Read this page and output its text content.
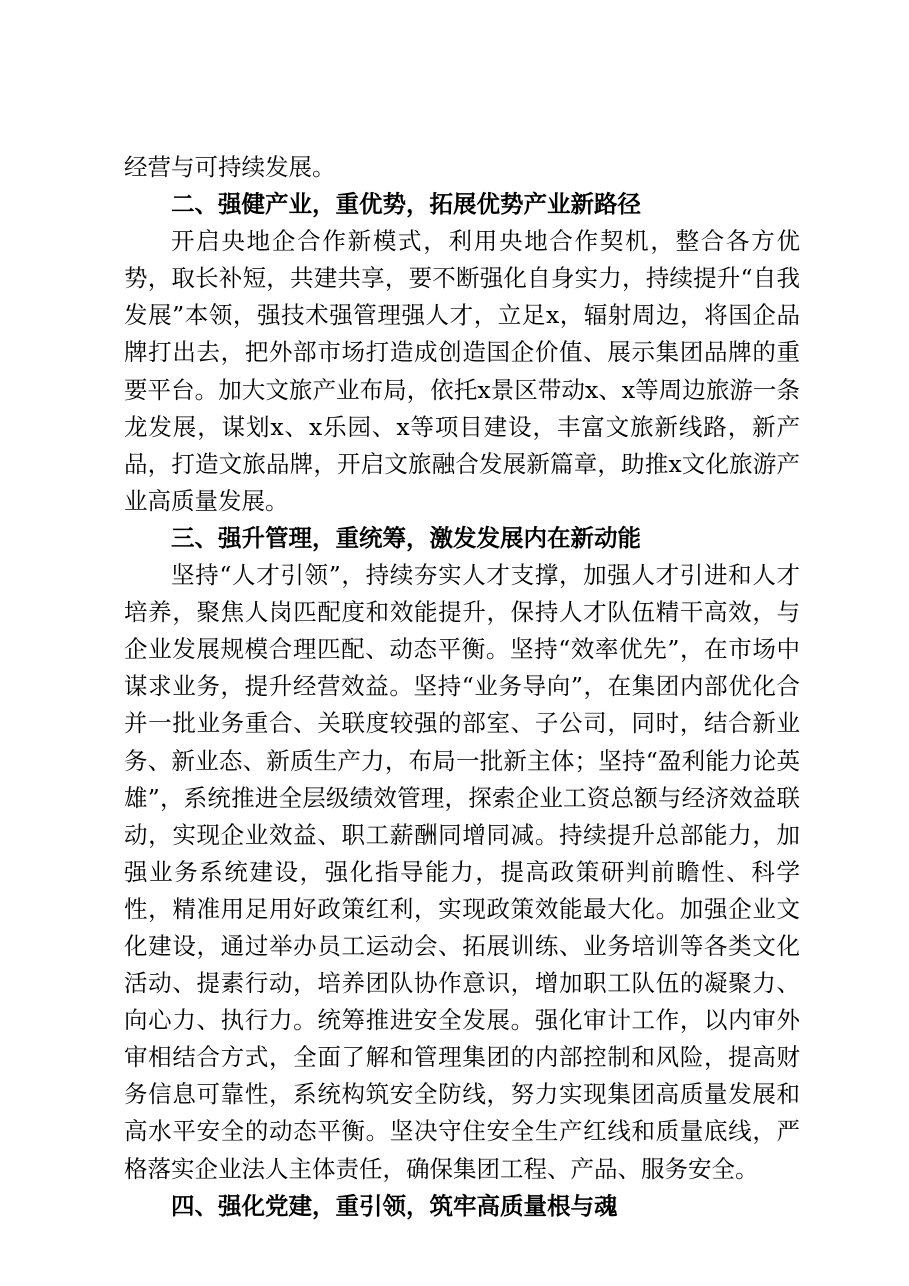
经营与可持续发展。

二、强健产业，重优势，拓展优势产业新路径

开启央地企合作新模式，利用央地合作契机，整合各方优势，取长补短，共建共享，要不断强化自身实力，持续提升“自我发展”本领，强技术强管理强人才，立足x，辐射周边，将国企品牌打出去，把外部市场打造成创造国企价值、展示集团品牌的重要平台。加大文旅产业布局，依托x景区带动x、x等周边旅游一条龙发展，谋划x、x乐园、x等项目建设，丰富文旅新线路，新产品，打造文旅品牌，开启文旅融合发展新篇章，助推x文化旅游产业高质量发展。

三、强升管理，重统筹，激发发展内在新动能

坚持“人才引领”，持续夯实人才支撑，加强人才引进和人才培养，聚焦人岗匹配度和效能提升，保持人才队伍精干高效，与企业发展规模合理匹配、动态平衡。坚持“效率优先”，在市场中谋求业务，提升经营效益。坚持“业务导向”，在集团内部优化合并一批业务重合、关联度较强的部室、子公司，同时，结合新业务、新业态、新质生产力，布局一批新主体；坚持“盈利能力论英雄”，系统推进全层级绩效管理，探索企业工资总额与经济效益联动，实现企业效益、职工薪酬同增同减。持续提升总部能力，加强业务系统建设，强化指导能力，提高政策研判前瞻性、科学性，精准用足用好政策红利，实现政策效能最大化。加强企业文化建设，通过举办员工运动会、拓展训练、业务培训等各类文化活动、提素行动，培养团队协作意识，增加职工队伍的凝聚力、向心力、执行力。统筹推进安全发展。强化审计工作，以内审外审相结合方式，全面了解和管理集团的内部控制和风险，提高财务信息可靠性，系统构筑安全防线，努力实现集团高质量发展和高水平安全的动态平衡。坚决守住安全生产红线和质量底线，严格落实企业法人主体责任，确保集团工程、产品、服务安全。

四、强化党建，重引领，筑牢高质量根与魂
